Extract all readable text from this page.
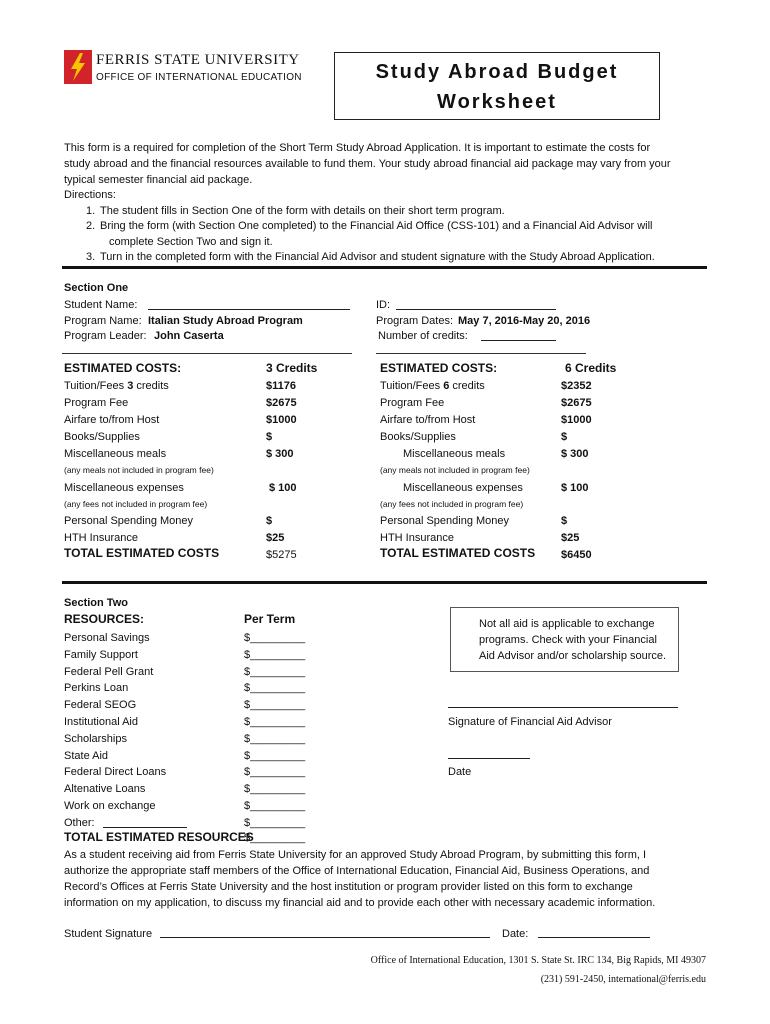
FERRIS STATE UNIVERSITY
OFFICE OF INTERNATIONAL EDUCATION	Study Abroad Budget
Worksheet
This form is a required for completion of the Short Term Study Abroad Application. It is important to estimate the costs for
study abroad and the financial resources available to fund them. Your study abroad financial aid package may vary from your
typical semester financial aid package.
Directions:
1. The student fills in Section One of the form with details on their short term program.
2. Bring the form (with Section One completed) to the Financial Aid Office (CSS-101) and a Financial Aid Advisor will
complete Section Two and sign it.
3. Turn in the completed form with the Financial Aid Advisor and student signature with the Study Abroad Application.
Section One
Student Name:	ID:
Program Name: Italian Study Abroad Program	Program Dates: May 7, 2016-May 20, 2016
Program Leader: John Caserta	Number of credits:
ESTIMATED COSTS:	3 Credits
Tuition/Fees 3 credits	$1176
Program Fee	$2675
Airfare to/from Host	$1000
Books/Supplies	$
Miscellaneous meals	$ 300
(any meals not included in program fee)
Miscellaneous expenses	$ 100
(any fees not included in program fee)
Personal Spending Money	$
HTH Insurance	$25
TOTAL ESTIMATED COSTS	$5275
ESTIMATED COSTS:	6 Credits
Tuition/Fees 6 credits	$2352
Program Fee	$2675
Airfare to/from Host	$1000
Books/Supplies	$
Miscellaneous meals	$ 300
(any meals not included in program fee)
Miscellaneous expenses	$ 100
(any fees not included in program fee)
Personal Spending Money	$
HTH Insurance	$25
TOTAL ESTIMATED COSTS $6450
Section Two
RESOURCES:	Per Term
Personal Savings	$_________
Family Support	$_________
Federal Pell Grant	$_________
Perkins Loan	$_________
Federal SEOG	$_________
Institutional Aid	$_________
Scholarships	$_________
State Aid	$_________
Federal Direct Loans	$_________
Altenative Loans	$_________
Work on exchange	$_________
Other:	$_________
TOTAL ESTIMATED RESOURCES
$_________
Not all aid is applicable to exchange
programs. Check with your Financial
Aid Advisor and/or scholarship source.
Signature of Financial Aid Advisor
Date
As a student receiving aid from Ferris State University for an approved Study Abroad Program, by submitting this form, I
authorize the appropriate staff members of the Office of International Education, Financial Aid, Business Operations, and
Record’s Offices at Ferris State University and the host institution or program provider listed on this form to exchange
information on my application, to discuss my financial aid and to provide each other with necessary academic information.
Student Signature	Date:
Office of International Education, 1301 S. State St. IRC 134, Big Rapids, MI 49307
(231) 591-2450, international@ferris.edu
